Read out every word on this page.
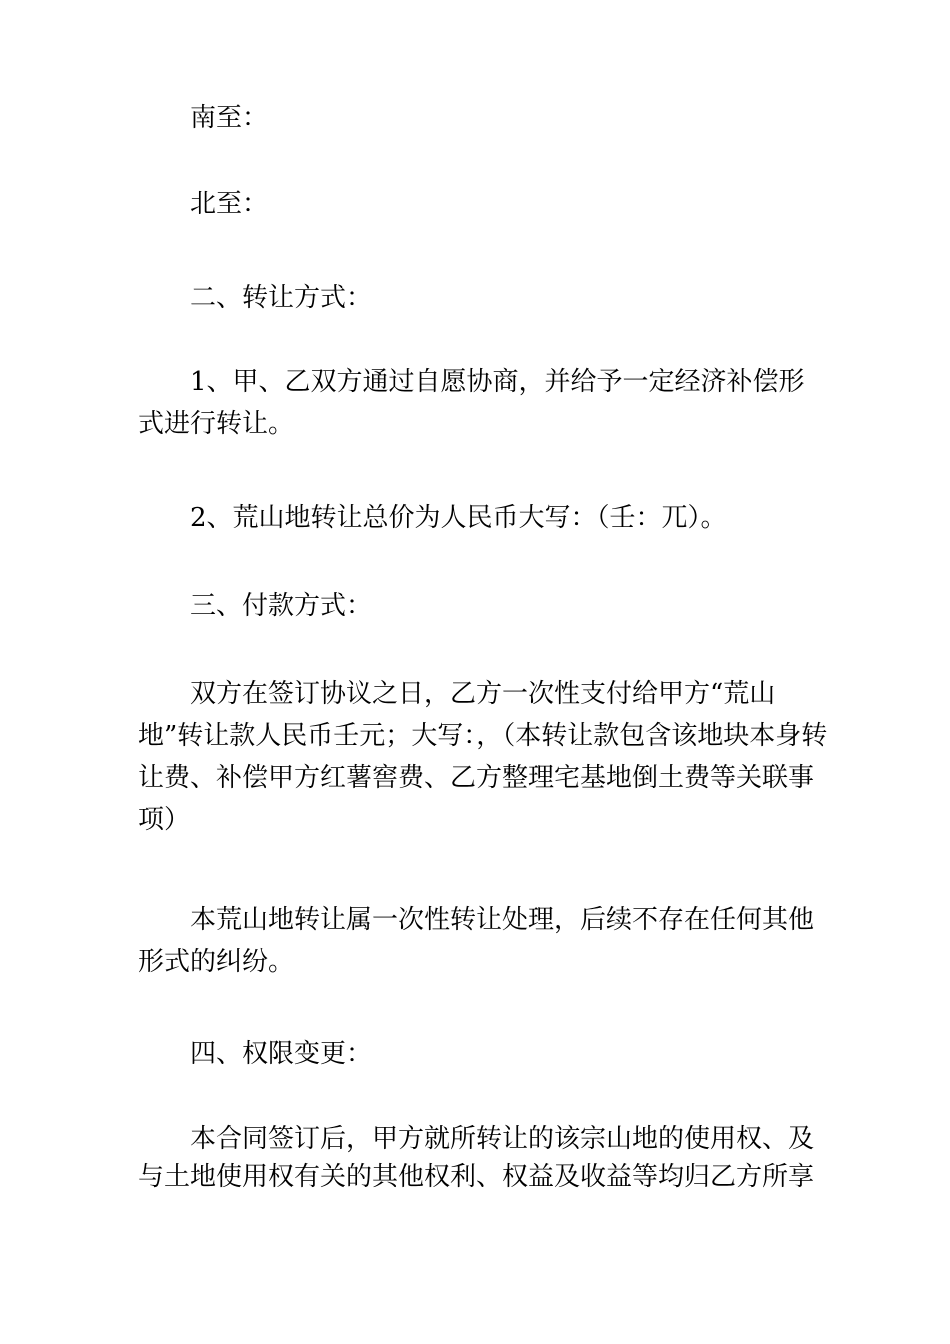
南至：

北至：

二、转让方式：

1、甲、乙双方通过自愿协商，并给予一定经济补偿形式进行转让。

2、荒山地转让总价为人民币大写：（壬：兀）。

三、付款方式：

双方在签订协议之日，乙方一次性支付给甲方“荒山地”转让款人民币壬元；大写：，（本转让款包含该地块本身转让费、补偿甲方红薯窖费、乙方整理宅基地倒土费等关联事项）

本荒山地转让属一次性转让处理，后续不存在任何其他形式的纠纷。

四、权限变更：

本合同签订后，甲方就所转让的该宗山地的使用权、及与土地使用权有关的其他权利、权益及收益等均归乙方所享
